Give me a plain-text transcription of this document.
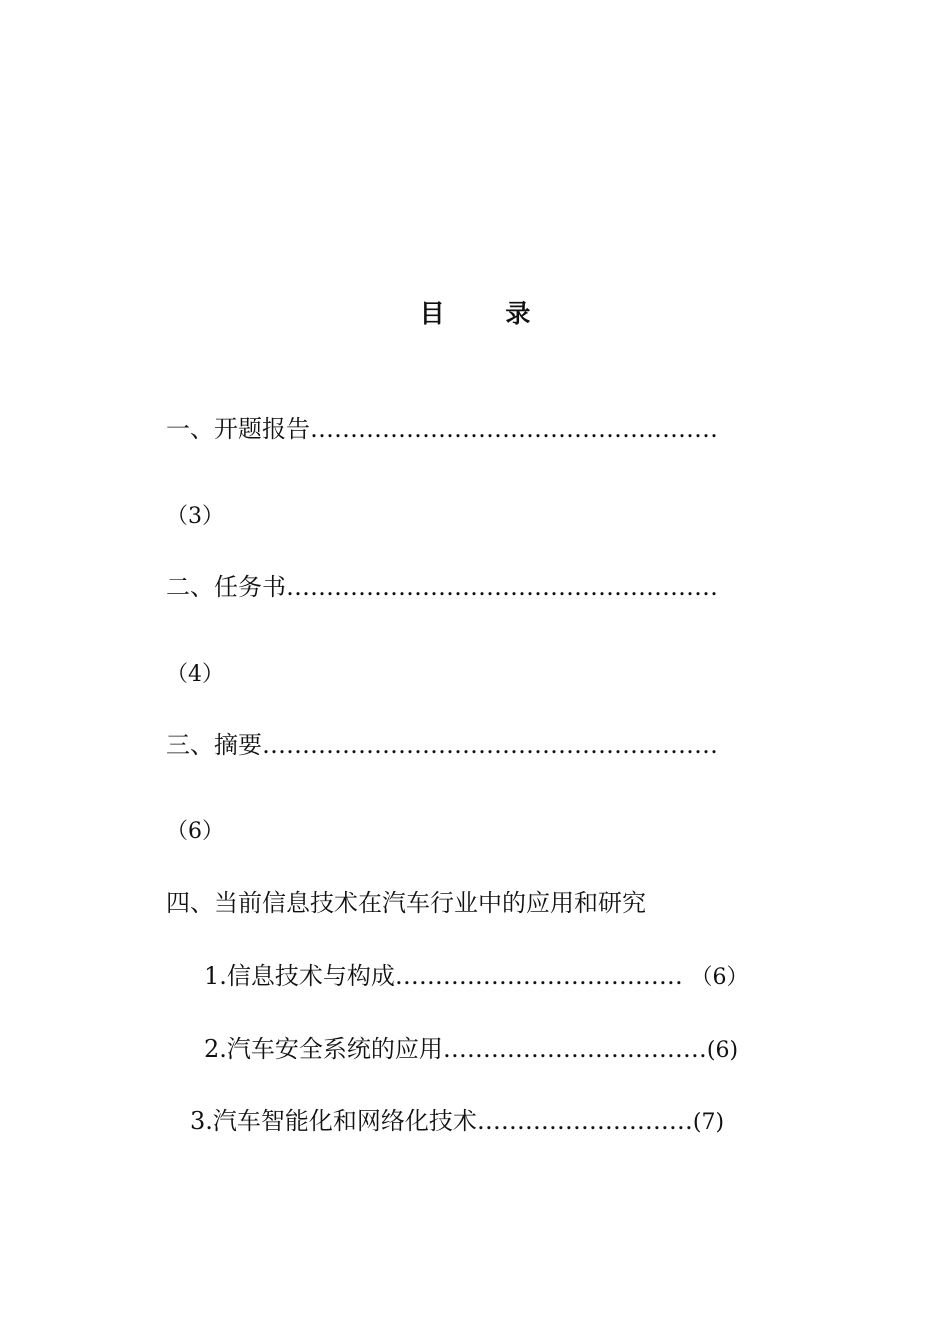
目 录
一、开题报告……………………………………………
（3）
二、任务书………………………………………………
（4）
三、摘要…………………………………………………
（6）
四、当前信息技术在汽车行业中的应用和研究
1.信息技术与构成……………………………… （6）
2.汽车安全系统的应用……………………………(6)
3.汽车智能化和网络化技术………………………(7)
